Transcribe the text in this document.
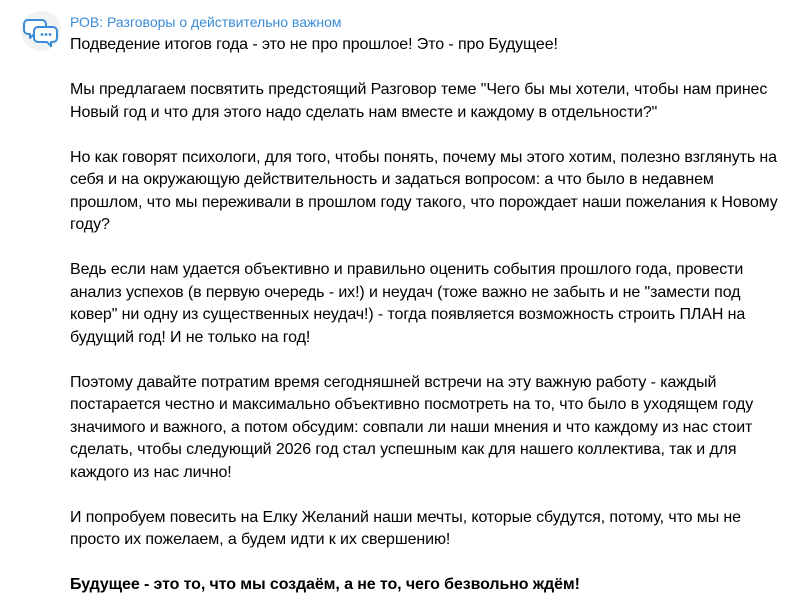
РОВ: Разговоры о действительно важном

Подведение итогов года - это не про прошлое! Это - про Будущее!

Мы предлагаем посвятить предстоящий Разговор теме "Чего бы мы хотели, чтобы нам принес Новый год и что для этого надо сделать нам вместе и каждому в отдельности?"

Но как говорят психологи, для того, чтобы понять, почему мы этого хотим, полезно взглянуть на себя и на окружающую действительность и задаться вопросом: а что было в недавнем прошлом, что мы переживали в прошлом году такого, что порождает наши пожелания к Новому году?

Ведь если нам удается объективно и правильно оценить события прошлого года, провести анализ успехов (в первую очередь - их!) и неудач (тоже важно не забыть и не "замести под ковер" ни одну из существенных неудач!) - тогда появляется возможность строить ПЛАН на будущий год! И не только на год!

Поэтому давайте потратим время сегодняшней встречи на эту важную работу - каждый постарается честно и максимально объективно посмотреть на то, что было в уходящем году значимого и важного, а потом обсудим: совпали ли наши мнения и что каждому из нас стоит сделать, чтобы следующий 2026 год стал успешным как для нашего коллектива, так и для каждого из нас лично!

И попробуем повесить на Елку Желаний наши мечты, которые сбудутся, потому, что мы не просто их пожелаем, а будем идти к их свершению!

Будущее - это то, что мы создаём, а не то, чего безвольно ждём!
